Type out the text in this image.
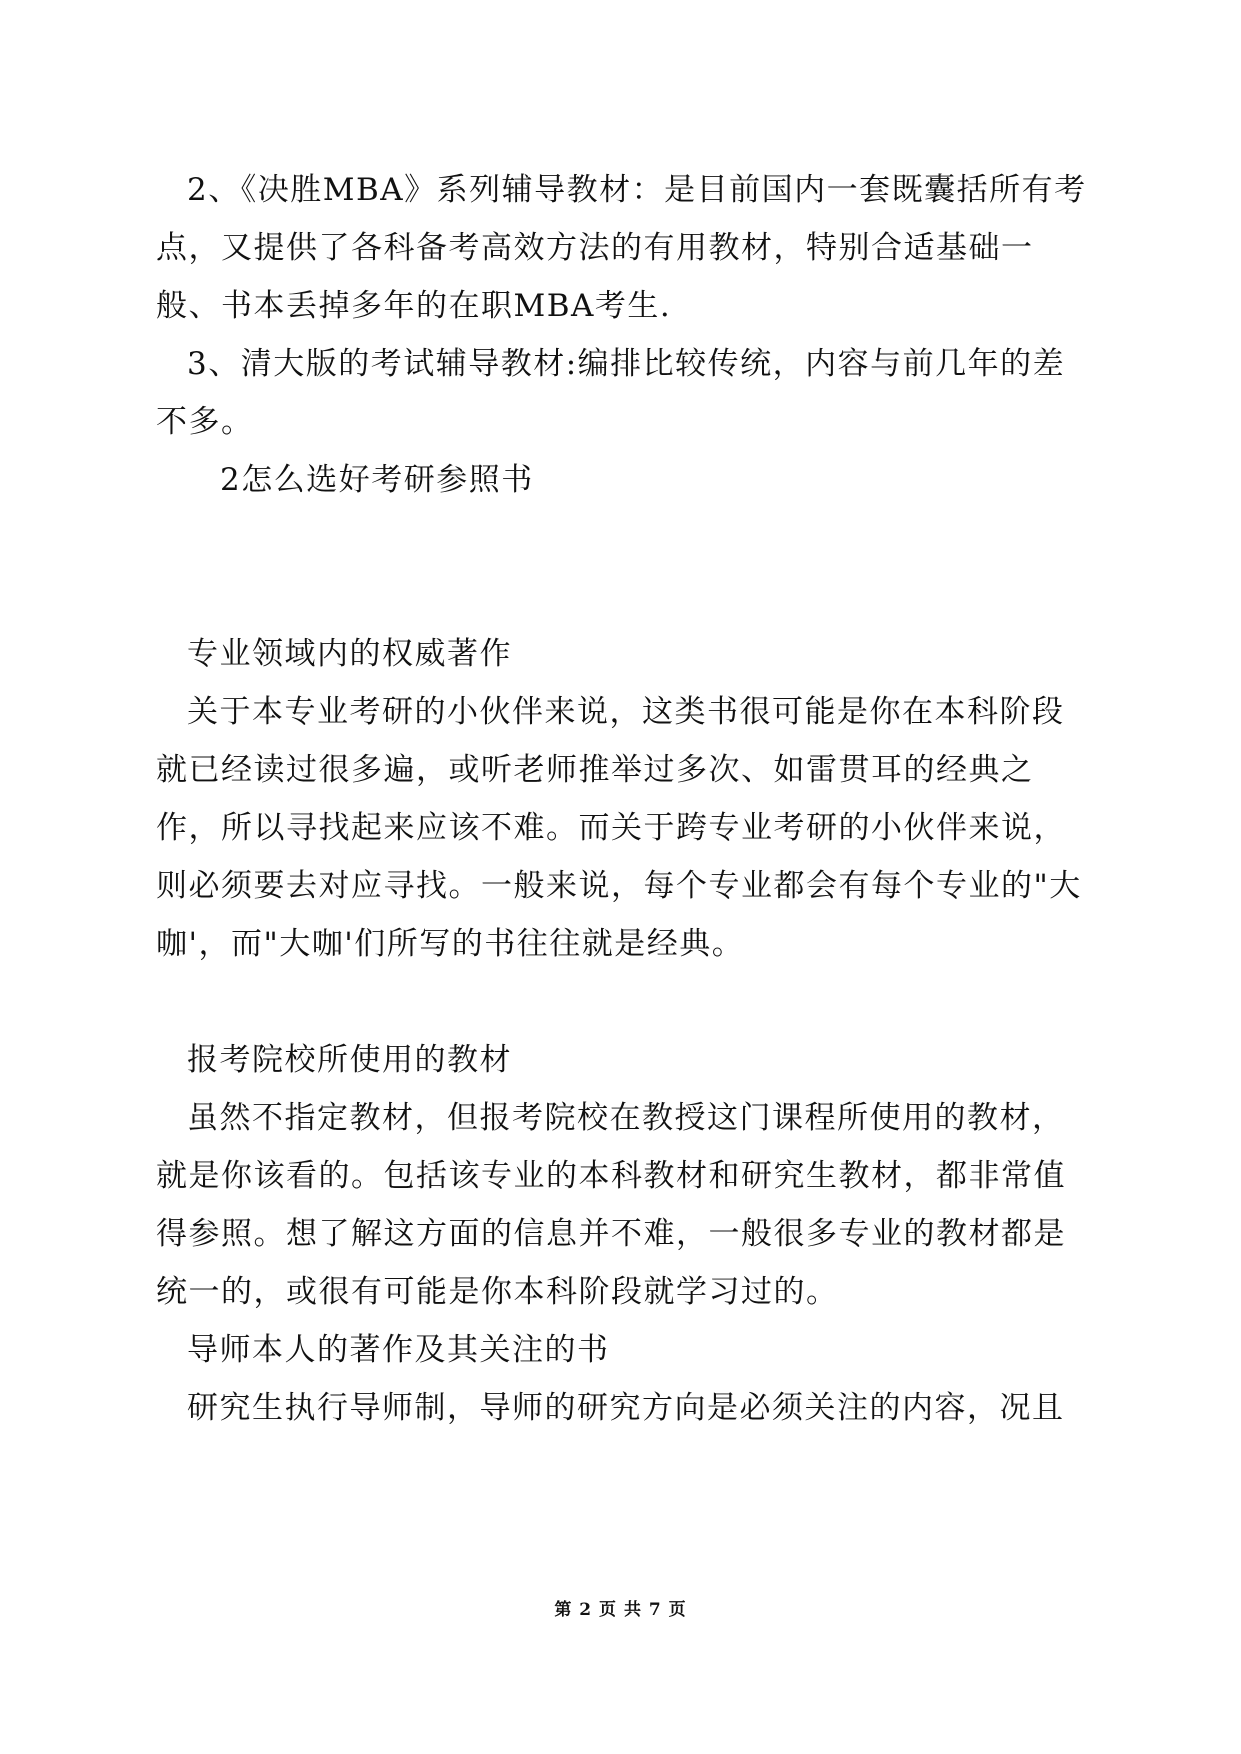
2、《决胜MBA》系列辅导教材：是目前国内一套既囊括所有考点，又提供了各科备考高效方法的有用教材，特别合适基础一般、书本丢掉多年的在职MBA考生.

3、清大版的考试辅导教材:编排比较传统，内容与前几年的差不多。

2怎么选好考研参照书

专业领域内的权威著作

关于本专业考研的小伙伴来说，这类书很可能是你在本科阶段就已经读过很多遍，或听老师推举过多次、如雷贯耳的经典之作，所以寻找起来应该不难。而关于跨专业考研的小伙伴来说，则必须要去对应寻找。一般来说，每个专业都会有每个专业的"大咖'，而"大咖'们所写的书往往就是经典。

报考院校所使用的教材

虽然不指定教材，但报考院校在教授这门课程所使用的教材，就是你该看的。包括该专业的本科教材和研究生教材，都非常值得参照。想了解这方面的信息并不难，一般很多专业的教材都是统一的，或很有可能是你本科阶段就学习过的。

导师本人的著作及其关注的书

研究生执行导师制，导师的研究方向是必须关注的内容，况且

第 2 页 共 7 页
